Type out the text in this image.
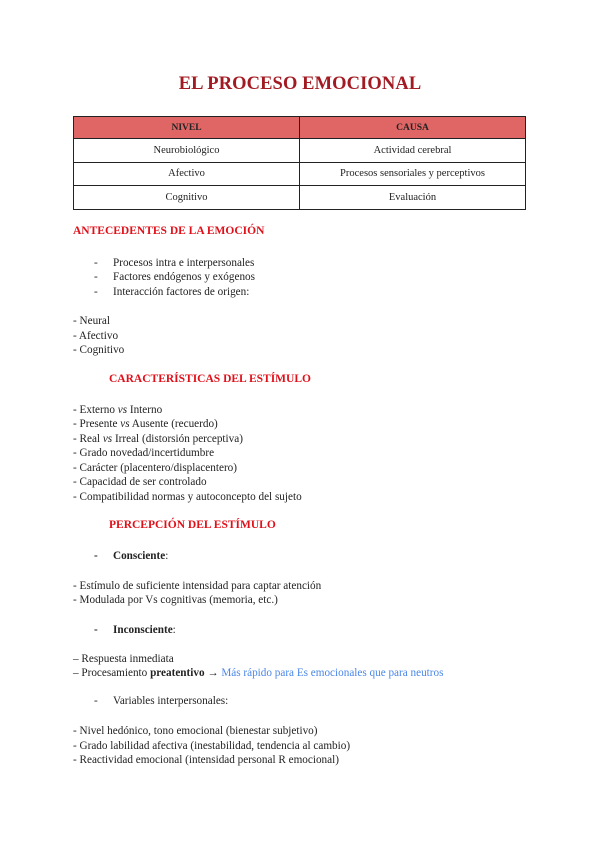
EL PROCESO EMOCIONAL
NIVEL	CAUSA
Neurobiológico	Actividad cerebral
Afectivo	Procesos sensoriales y perceptivos
Cognitivo	Evaluación
ANTECEDENTES DE LA EMOCIÓN
- Procesos intra e interpersonales
- Factores endógenos y exógenos
- Interacción factores de origen:
- Neural
- Afectivo
- Cognitivo
CARACTERÍSTICAS DEL ESTÍMULO
- Externo vs Interno
- Presente vs Ausente (recuerdo)
- Real vs Irreal (distorsión perceptiva)
- Grado novedad/incertidumbre
- Carácter (placentero/displacentero)
- Capacidad de ser controlado
- Compatibilidad normas y autoconcepto del sujeto
PERCEPCIÓN DEL ESTÍMULO
- Consciente:
- Estímulo de suficiente intensidad para captar atención
- Modulada por Vs cognitivas (memoria, etc.)
- Inconsciente:
– Respuesta inmediata
– Procesamiento preatentivo → Más rápido para Es emocionales que para neutros
- Variables interpersonales:
- Nivel hedónico, tono emocional (bienestar subjetivo)
- Grado labilidad afectiva (inestabilidad, tendencia al cambio)
- Reactividad emocional (intensidad personal R emocional)
